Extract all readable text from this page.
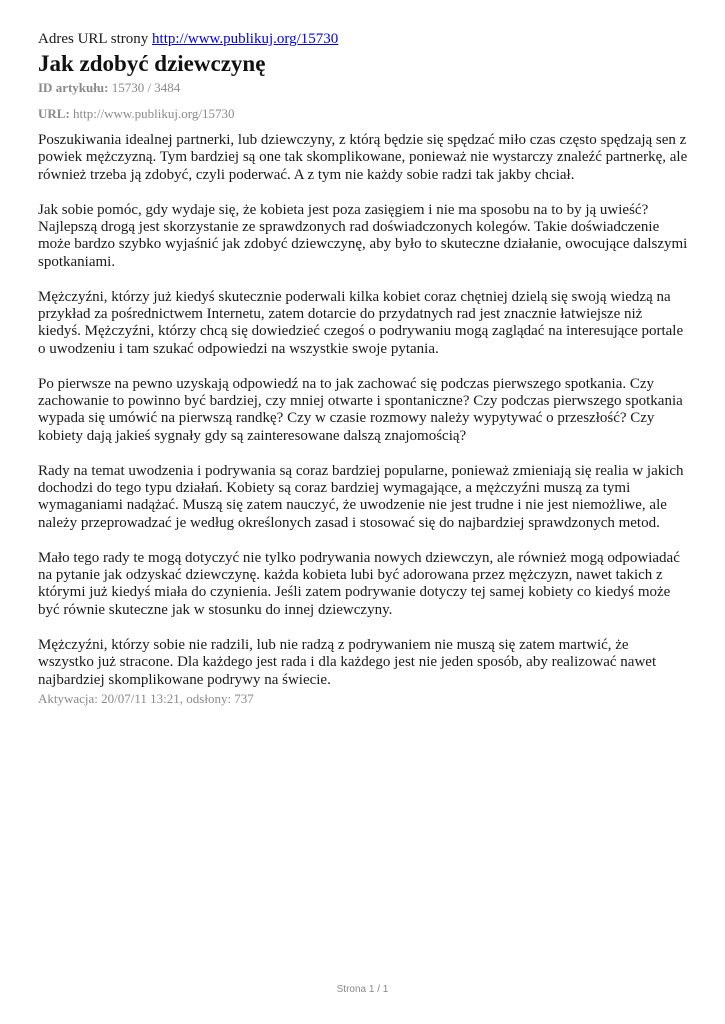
Adres URL strony http://www.publikuj.org/15730

Jak zdobyć dziewczynę

ID artykułu: 15730 / 3484

URL: http://www.publikuj.org/15730

Poszukiwania idealnej partnerki, lub dziewczyny, z którą będzie się spędzać miło czas często spędzają sen z powiek mężczyzną. Tym bardziej są one tak skomplikowane, ponieważ nie wystarczy znaleźć partnerkę, ale również trzeba ją zdobyć, czyli poderwać. A z tym nie każdy sobie radzi tak jakby chciał.

Jak sobie pomóc, gdy wydaje się, że kobieta jest poza zasięgiem i nie ma sposobu na to by ją uwieść? Najlepszą drogą jest skorzystanie ze sprawdzonych rad doświadczonych kolegów. Takie doświadczenie może bardzo szybko wyjaśnić jak zdobyć dziewczynę, aby było to skuteczne działanie, owocujące dalszymi spotkaniami.

Mężczyźni, którzy już kiedyś skutecznie poderwali kilka kobiet coraz chętniej dzielą się swoją wiedzą na przykład za pośrednictwem Internetu, zatem dotarcie do przydatnych rad jest znacznie łatwiejsze niż kiedyś. Mężczyźni, którzy chcą się dowiedzieć czegoś o podrywaniu mogą zaglądać na interesujące portale o uwodzeniu i tam szukać odpowiedzi na wszystkie swoje pytania.

Po pierwsze na pewno uzyskają odpowiedź na to jak zachować się podczas pierwszego spotkania. Czy zachowanie to powinno być bardziej, czy mniej otwarte i spontaniczne? Czy podczas pierwszego spotkania wypada się umówić na pierwszą randkę? Czy w czasie rozmowy należy wypytywać o przeszłość? Czy kobiety dają jakieś sygnały gdy są zainteresowane dalszą znajomością?

Rady na temat uwodzenia i podrywania są coraz bardziej popularne, ponieważ zmieniają się realia w jakich dochodzi do tego typu działań. Kobiety są coraz bardziej wymagające, a mężczyźni muszą za tymi wymaganiami nadążać. Muszą się zatem nauczyć, że uwodzenie nie jest trudne i nie jest niemożliwe, ale należy przeprowadzać je według określonych zasad i stosować się do najbardziej sprawdzonych metod.

Mało tego rady te mogą dotyczyć nie tylko podrywania nowych dziewczyn, ale również mogą odpowiadać na pytanie jak odzyskać dziewczynę. każda kobieta lubi być adorowana przez mężczyzn, nawet takich z którymi już kiedyś miała do czynienia. Jeśli zatem podrywanie dotyczy tej samej kobiety co kiedyś może być równie skuteczne jak w stosunku do innej dziewczyny.

Mężczyźni, którzy sobie nie radzili, lub nie radzą z podrywaniem nie muszą się zatem martwić, że wszystko już stracone. Dla każdego jest rada i dla każdego jest nie jeden sposób, aby realizować nawet najbardziej skomplikowane podrywy na świecie.

Aktywacja: 20/07/11 13:21, odsłony: 737
Strona 1 / 1
